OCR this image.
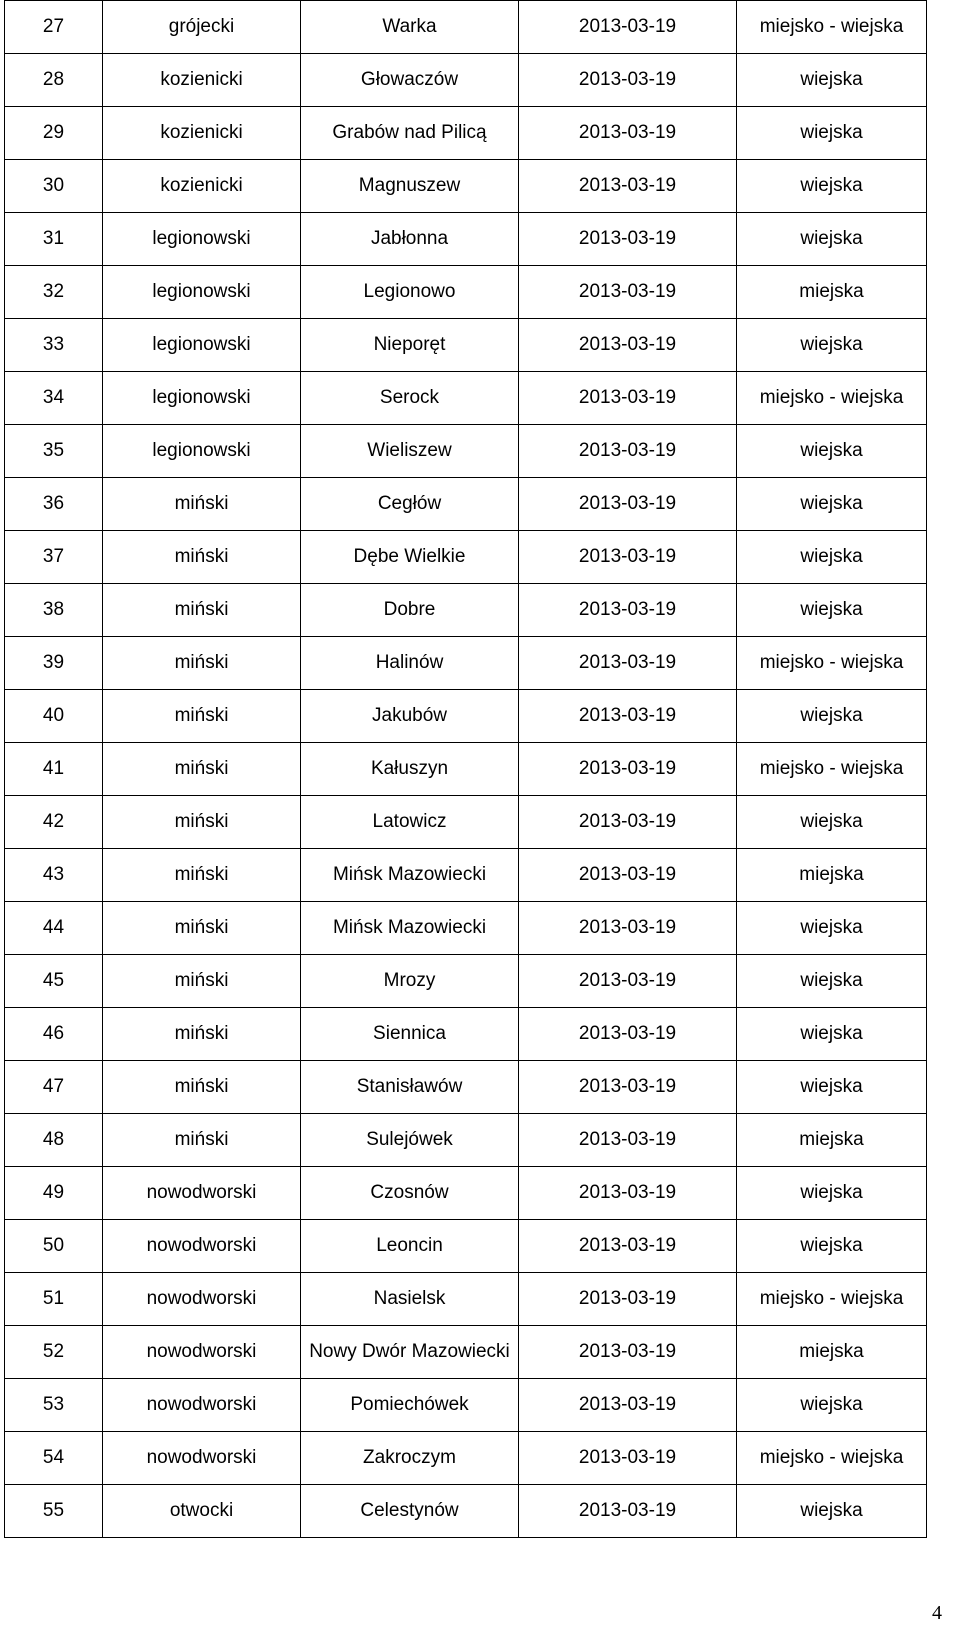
27	grójecki	Warka	2013-03-19	miejsko - wiejska
28	kozienicki	Głowaczów	2013-03-19	wiejska
29	kozienicki	Grabów nad Pilicą	2013-03-19	wiejska
30	kozienicki	Magnuszew	2013-03-19	wiejska
31	legionowski	Jabłonna	2013-03-19	wiejska
32	legionowski	Legionowo	2013-03-19	miejska
33	legionowski	Nieporęt	2013-03-19	wiejska
34	legionowski	Serock	2013-03-19	miejsko - wiejska
35	legionowski	Wieliszew	2013-03-19	wiejska
36	miński	Cegłów	2013-03-19	wiejska
37	miński	Dębe Wielkie	2013-03-19	wiejska
38	miński	Dobre	2013-03-19	wiejska
39	miński	Halinów	2013-03-19	miejsko - wiejska
40	miński	Jakubów	2013-03-19	wiejska
41	miński	Kałuszyn	2013-03-19	miejsko - wiejska
42	miński	Latowicz	2013-03-19	wiejska
43	miński	Mińsk Mazowiecki	2013-03-19	miejska
44	miński	Mińsk Mazowiecki	2013-03-19	wiejska
45	miński	Mrozy	2013-03-19	wiejska
46	miński	Siennica	2013-03-19	wiejska
47	miński	Stanisławów	2013-03-19	wiejska
48	miński	Sulejówek	2013-03-19	miejska
49	nowodworski	Czosnów	2013-03-19	wiejska
50	nowodworski	Leoncin	2013-03-19	wiejska
51	nowodworski	Nasielsk	2013-03-19	miejsko - wiejska
52	nowodworski	Nowy Dwór Mazowiecki	2013-03-19	miejska
53	nowodworski	Pomiechówek	2013-03-19	wiejska
54	nowodworski	Zakroczym	2013-03-19	miejsko - wiejska
55	otwocki	Celestynów	2013-03-19	wiejska
4
